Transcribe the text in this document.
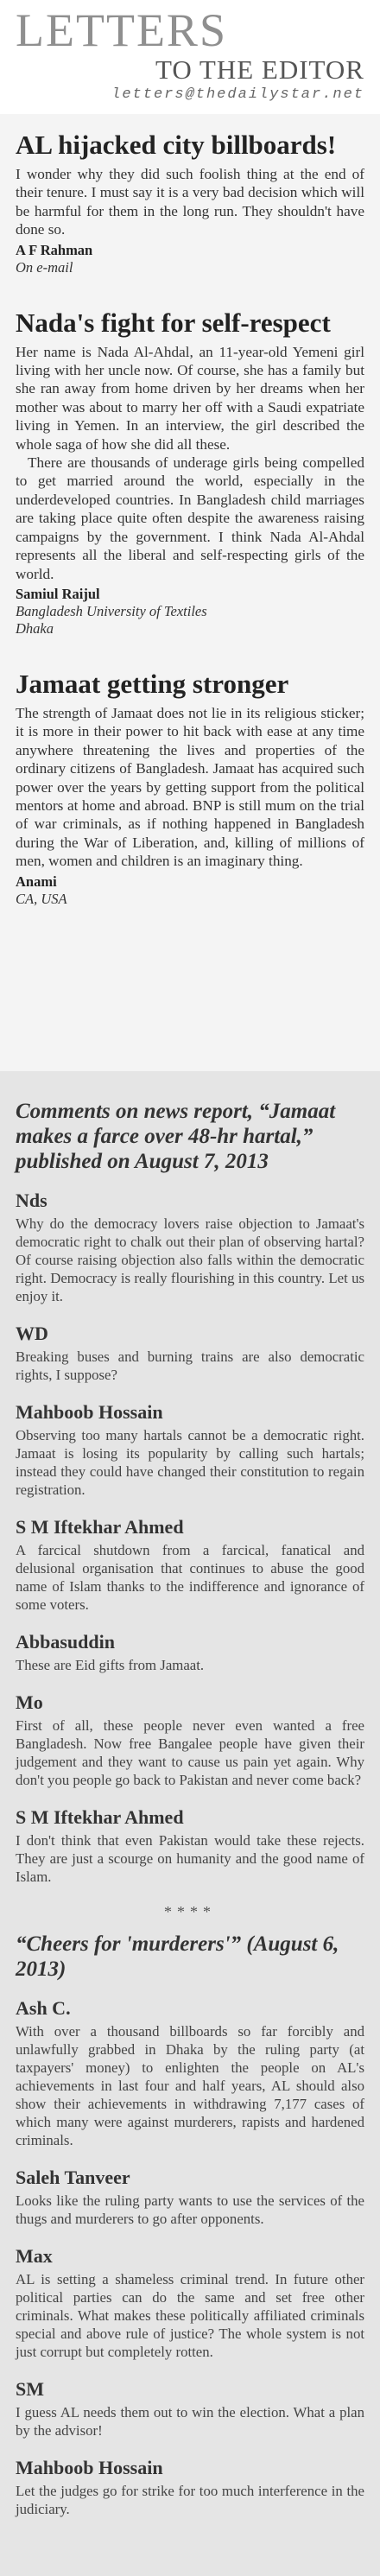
LETTERS
TO THE EDITOR
letters@thedailystar.net
AL hijacked city billboards!

I wonder why they did such foolish thing at the end of their tenure. I must say it is a very bad decision which will be harmful for them in the long run. They shouldn't have done so.

A F Rahman
On e-mail
Nada's fight for self-respect

Her name is Nada Al-Ahdal, an 11-year-old Yemeni girl living with her uncle now. Of course, she has a family but she ran away from home driven by her dreams when her mother was about to marry her off with a Saudi expatriate living in Yemen. In an interview, the girl described the whole saga of how she did all these.

There are thousands of underage girls being compelled to get married around the world, especially in the underdeveloped countries. In Bangladesh child marriages are taking place quite often despite the awareness raising campaigns by the government. I think Nada Al-Ahdal represents all the liberal and self-respecting girls of the world.

Samiul Raijul
Bangladesh University of Textiles
Dhaka
Jamaat getting stronger

The strength of Jamaat does not lie in its religious sticker; it is more in their power to hit back with ease at any time anywhere threatening the lives and properties of the ordinary citizens of Bangladesh. Jamaat has acquired such power over the years by getting support from the political mentors at home and abroad. BNP is still mum on the trial of war criminals, as if nothing happened in Bangladesh during the War of Liberation, and, killing of millions of men, women and children is an imaginary thing.

Anami
CA, USA
Comments on news report, “Jamaat makes a farce over 48-hr hartal,” published on August 7, 2013
Nds
Why do the democracy lovers raise objection to Jamaat's democratic right to chalk out their plan of observing hartal? Of course raising objection also falls within the democratic right. Democracy is really flourishing in this country. Let us enjoy it.
WD
Breaking buses and burning trains are also democratic rights, I suppose?
Mahboob Hossain
Observing too many hartals cannot be a democratic right. Jamaat is losing its popularity by calling such hartals; instead they could have changed their constitution to regain registration.
S M Iftekhar Ahmed
A farcical shutdown from a farcical, fanatical and delusional organisation that continues to abuse the good name of Islam thanks to the indifference and ignorance of some voters.
Abbasuddin
These are Eid gifts from Jamaat.
Mo
First of all, these people never even wanted a free Bangladesh. Now free Bangalee people have given their judgement and they want to cause us pain yet again. Why don't you people go back to Pakistan and never come back?
S M Iftekhar Ahmed
I don't think that even Pakistan would take these rejects. They are just a scourge on humanity and the good name of Islam.
****
“Cheers for 'murderers'” (August 6, 2013)
Ash C.
With over a thousand billboards so far forcibly and unlawfully grabbed in Dhaka by the ruling party (at taxpayers' money) to enlighten the people on AL's achievements in last four and half years, AL should also show their achievements in withdrawing 7,177 cases of which many were against murderers, rapists and hardened criminals.
Saleh Tanveer
Looks like the ruling party wants to use the services of the thugs and murderers to go after opponents.
Max
AL is setting a shameless criminal trend. In future other political parties can do the same and set free other criminals. What makes these politically affiliated criminals special and above rule of justice? The whole system is not just corrupt but completely rotten.
SM
I guess AL needs them out to win the election. What a plan by the advisor!
Mahboob Hossain
Let the judges go for strike for too much interference in the judiciary.
